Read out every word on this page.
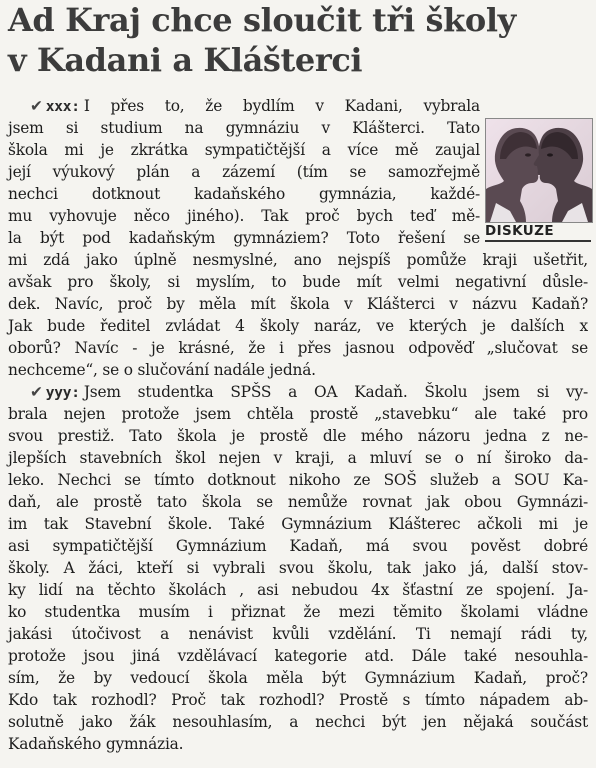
Ad Kraj chce sloučit tři školy
v Kadani a Klášterci
DISKUZE
✔ xxx: I přes to, že bydlím v Kadani, vybrala
jsem si studium na gymnáziu v Klášterci. Tato
škola mi je zkrátka sympatičtější a více mě zaujal
její výukový plán a zázemí (tím se samozřejmě
nechci dotknout kadaňského gymnázia, každé-
mu vyhovuje něco jiného). Tak proč bych teď mě-
la být pod kadaňským gymnáziem? Toto řešení se
mi zdá jako úplně nesmyslné, ano nejspíš pomůže kraji ušetřit,
avšak pro školy, si myslím, to bude mít velmi negativní důsle-
dek. Navíc, proč by měla mít škola v Klášterci v názvu Kadaň?
Jak bude ředitel zvládat 4 školy naráz, ve kterých je dalších x
oborů? Navíc - je krásné, že i přes jasnou odpověď „slučovat se
nechceme“, se o slučování nadále jedná.
✔ yyy: Jsem studentka SPŠS a OA Kadaň. Školu jsem si vy-
brala nejen protože jsem chtěla prostě „stavebku“ ale také pro
svou prestiž. Tato škola je prostě dle mého názoru jedna z ne-
jlepších stavebních škol nejen v kraji, a mluví se o ní široko da-
leko. Nechci se tímto dotknout nikoho ze SOŠ služeb a SOU Ka-
daň, ale prostě tato škola se nemůže rovnat jak obou Gymnázi-
im tak Stavební škole. Také Gymnázium Klášterec ačkoli mi je
asi sympatičtější Gymnázium Kadaň, má svou pověst dobré
školy. A žáci, kteří si vybrali svou školu, tak jako já, další stov-
ky lidí na těchto školách , asi nebudou 4x šťastní ze spojení. Ja-
ko studentka musím i přiznat že mezi těmito školami vládne
jakási útočivost a nenávist kvůli vzdělání. Ti nemají rádi ty,
protože jsou jiná vzdělávací kategorie atd. Dále také nesouhla-
sím, že by vedoucí škola měla být Gymnázium Kadaň, proč?
Kdo tak rozhodl? Proč tak rozhodl? Prostě s tímto nápadem ab-
solutně jako žák nesouhlasím, a nechci být jen nějaká součást
Kadaňského gymnázia.
